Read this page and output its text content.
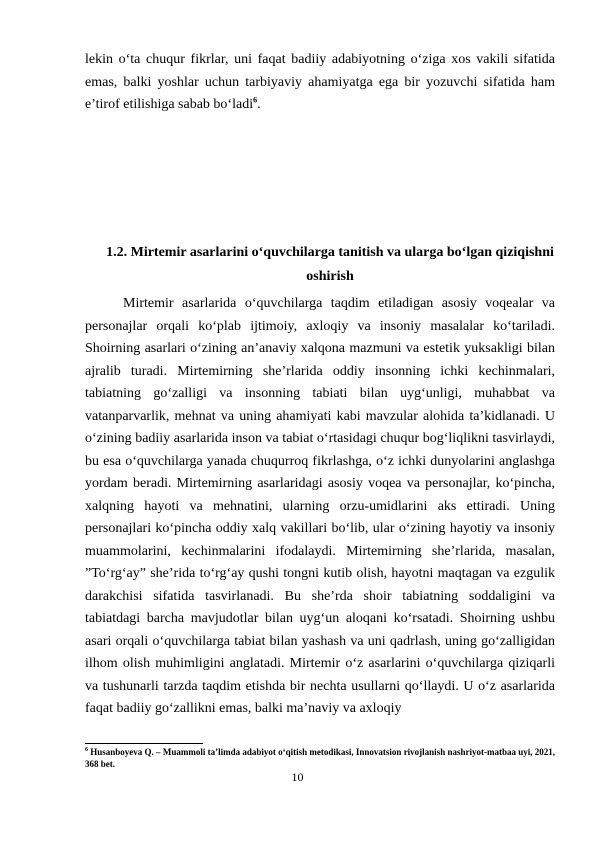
lekin o‘ta chuqur fikrlar, uni faqat badiiy adabiyotning o‘ziga xos vakili sifatida emas, balki yoshlar uchun tarbiyaviy ahamiyatga ega bir yozuvchi sifatida ham e’tirof etilishiga sabab bo‘ladi$^6$.

1.2. Mirtemir asarlarini o‘quvchilarga tanitish va ularga bo‘lgan qiziqishni oshirish

Mirtemir asarlarida o‘quvchilarga taqdim etiladigan asosiy voqealar va personajlar orqali ko‘plab ijtimoiy, axloqiy va insoniy masalalar ko‘tariladi. Shoirning asarlari o‘zining an’anaviy xalqona mazmuni va estetik yuksakligi bilan ajralib turadi. Mirtemirning she’rlarida oddiy insonning ichki kechinmalari, tabiatning go‘zalligi va insonning tabiati bilan uyg‘unligi, muhabbat va vatanparvarlik, mehnat va uning ahamiyati kabi mavzular alohida ta’kidlanadi. U o‘zining badiiy asarlarida inson va tabiat o‘rtasidagi chuqur bog‘liqlikni tasvirlaydi, bu esa o‘quvchilarga yanada chuqurroq fikrlashga, o‘z ichki dunyolarini anglashga yordam beradi. Mirtemirning asarlaridagi asosiy voqea va personajlar, ko‘pincha, xalqning hayoti va mehnatini, ularning orzu-umidlarini aks ettiradi. Uning personajlari ko‘pincha oddiy xalq vakillari bo‘lib, ular o‘zining hayotiy va insoniy muammolarini, kechinmalarini ifodalaydi. Mirtemirning she’rlarida, masalan, ”To‘rg‘ay” she’rida to‘rg‘ay qushi tongni kutib olish, hayotni maqtagan va ezgulik darakchisi sifatida tasvirlanadi. Bu she’rda shoir tabiatning soddaligini va tabiatdagi barcha mavjudotlar bilan uyg‘un aloqani ko‘rsatadi. Shoirning ushbu asari orqali o‘quvchilarga tabiat bilan yashash va uni qadrlash, uning go‘zalligidan ilhom olish muhimligini anglatadi. Mirtemir o‘z asarlarini o‘quvchilarga qiziqarli va tushunarli tarzda taqdim etishda bir nechta usullarni qo‘llaydi. U o‘z asarlarida faqat badiiy go‘zallikni emas, balki ma’naviy va axloqiy

$^6$ Husanboyeva Q. – Muammoli ta’limda adabiyot o‘qitish metodikasi, Innovatsion rivojlanish nashriyot-matbaa uyi, 2021, 368 bet.

10
